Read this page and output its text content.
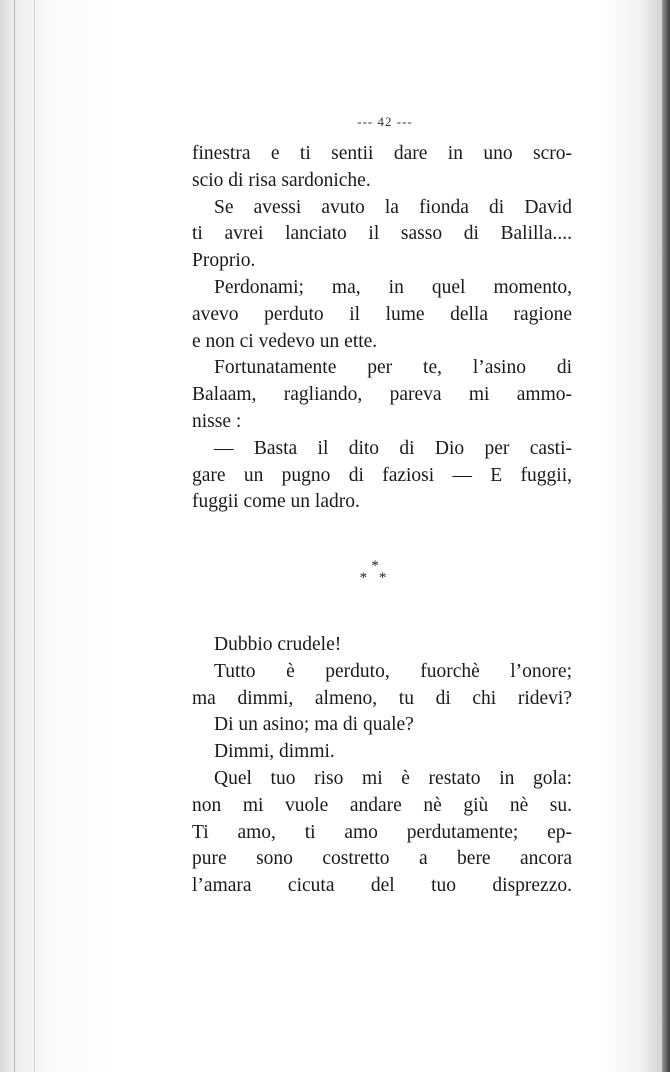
--- 42 ---
finestra e ti sentii dare in uno scro-
scio di risa sardoniche.
Se avessi avuto la fionda di David
ti avrei lanciato il sasso di Balilla....
Proprio.
Perdonami; ma, in quel momento,
avevo perduto il lume della ragione
e non ci vedevo un ette.
Fortunatamente per te, l’asino di
Balaam, ragliando, pareva mi ammo-
nisse :
— Basta il dito di Dio per casti-
gare un pugno di faziosi — E fuggii,
fuggii come un ladro.
*
* *
Dubbio crudele!
Tutto è perduto, fuorchè l’onore;
ma dimmi, almeno, tu di chi ridevi?
Di un asino; ma di quale?
Dimmi, dimmi.
Quel tuo riso mi è restato in gola:
non mi vuole andare nè giù nè su.
Ti amo, ti amo perdutamente; ep-
pure sono costretto a bere ancora
l’amara cicuta del tuo disprezzo.
